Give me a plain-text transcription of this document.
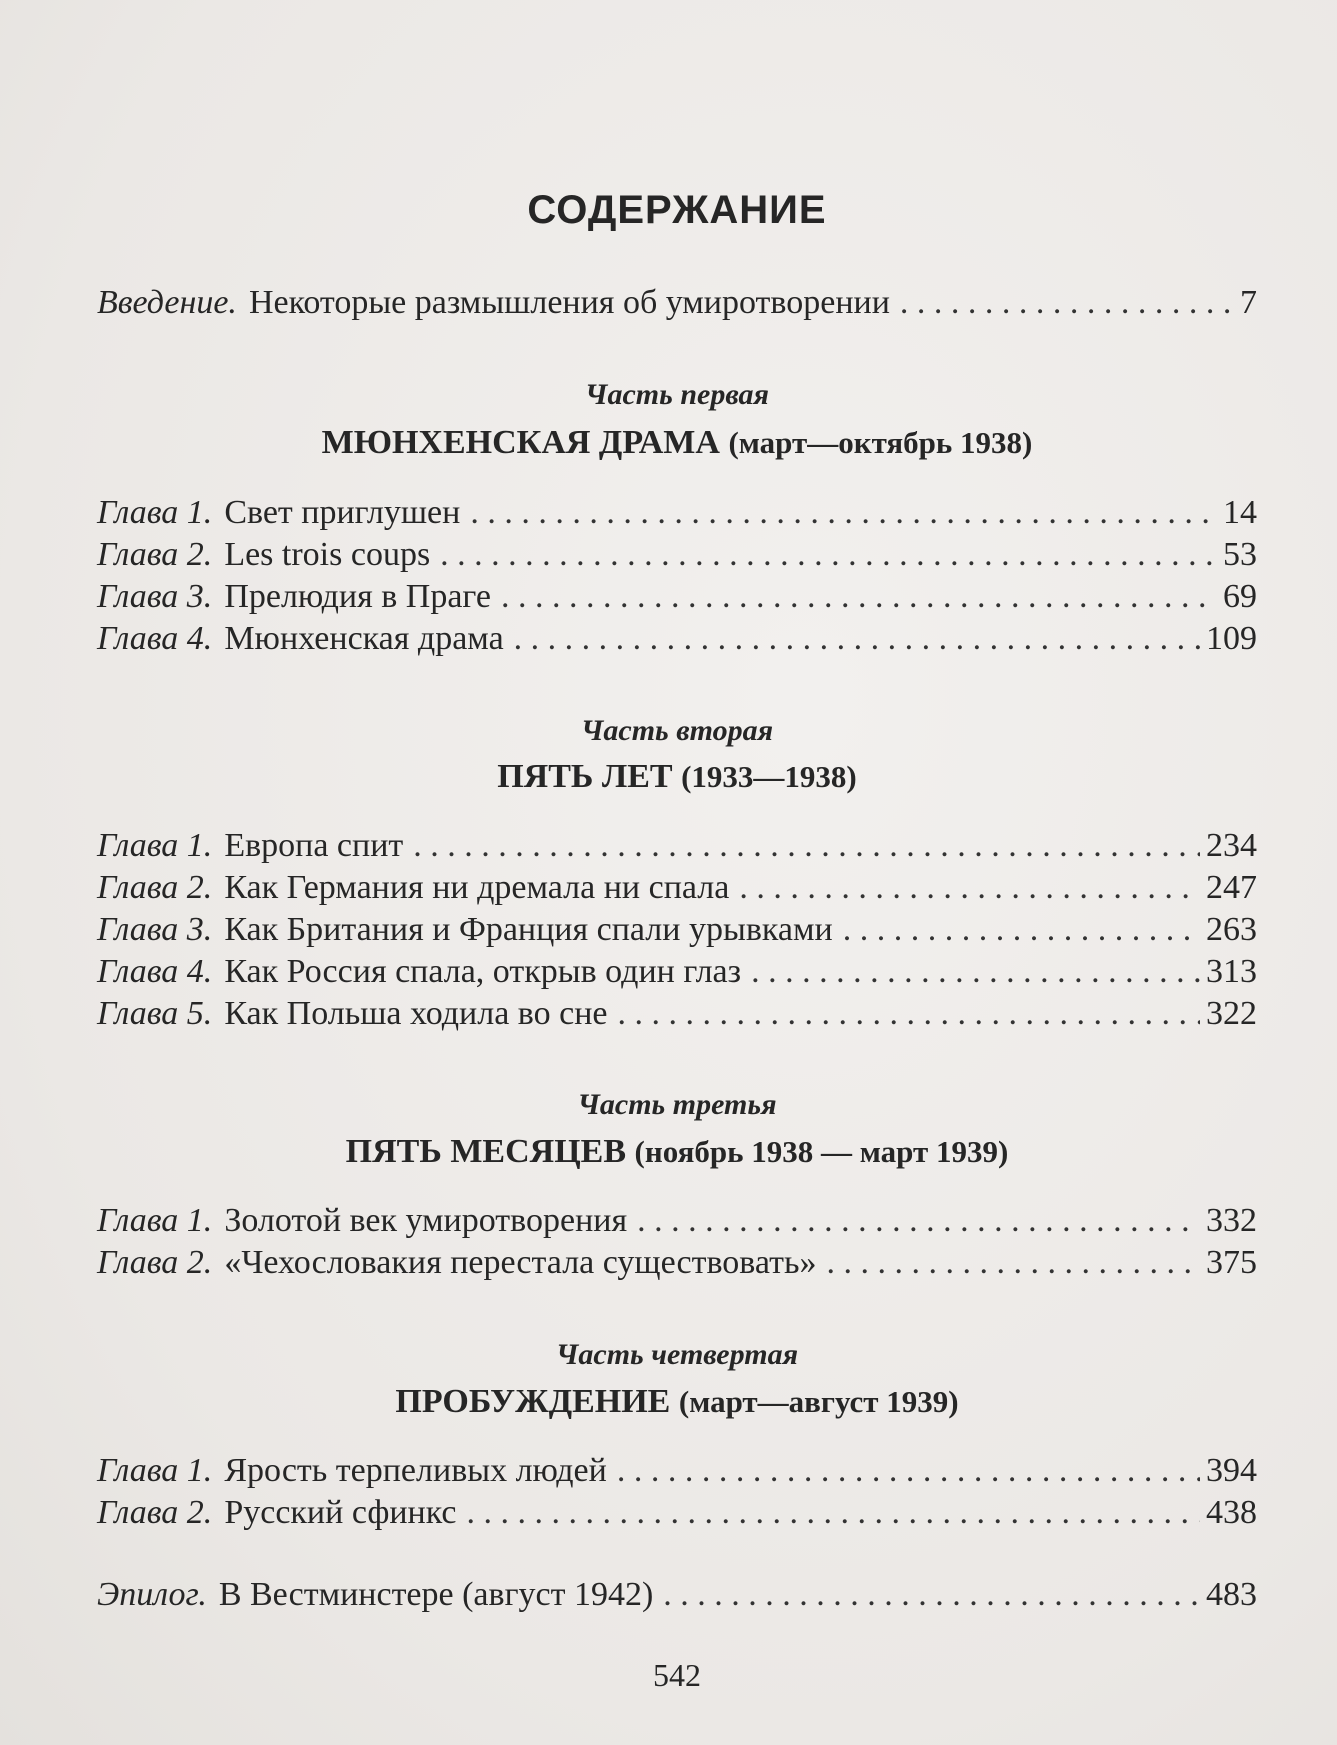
СОДЕРЖАНИЕ
Введение. Некоторые размышления об умиротворении . . .	7
Часть первая
МЮНХЕНСКАЯ ДРАМА (март—октябрь 1938)
Глава 1. Свет приглушен . . .	14
Глава 2. Les trois coups . . .	53
Глава 3. Прелюдия в Праге . . .	69
Глава 4. Мюнхенская драма . . .	109
Часть вторая
ПЯТЬ ЛЕТ (1933—1938)
Глава 1. Европа спит . . .	234
Глава 2. Как Германия ни дремала ни спала . . .	247
Глава 3. Как Британия и Франция спали урывками . . .	263
Глава 4. Как Россия спала, открыв один глаз . . .	313
Глава 5. Как Польша ходила во сне . . .	322
Часть третья
ПЯТЬ МЕСЯЦЕВ (ноябрь 1938 — март 1939)
Глава 1. Золотой век умиротворения . . .	332
Глава 2. «Чехословакия перестала существовать» . . .	375
Часть четвертая
ПРОБУЖДЕНИЕ (март—август 1939)
Глава 1. Ярость терпеливых людей . . .	394
Глава 2. Русский сфинкс . . .	438
Эпилог. В Вестминстере (август 1942) . . .	483
542
